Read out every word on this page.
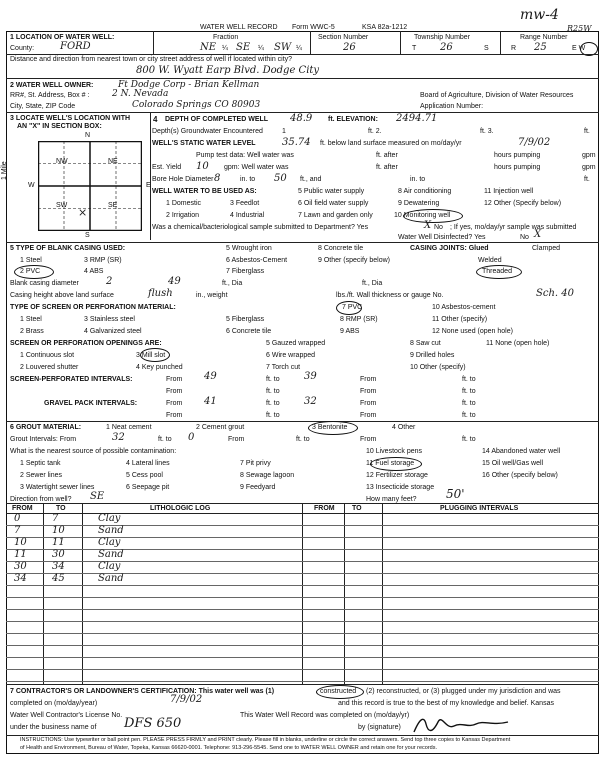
mw-4
R25W
WATER WELL RECORD Form WWC-5	KSA 82a-1212
1 LOCATION OF WATER WELL:
County:	FORD
Fraction
NE ¼ SE ¼ SW ¼
Section Number
26
Township Number
T 26	S
Range Number
R 25	E W
Distance and direction from nearest town or city street address of well if located within city?
800 W. Wyatt Earp Blvd. Dodge City
2 WATER WELL OWNER:	Ft Dodge Corp - Brian Kellman
RR#, St. Address, Box # :	2 N. Nevada	Board of Agriculture, Division of Water Resources
City, State, ZIP Code	Colorado Springs CO 80903	Application Number:
3 LOCATE WELL'S LOCATION WITH
AN "X" IN SECTION BOX:
N
S
W	E
NW	NE
SW	SE
×
1 Mile
4 DEPTH OF COMPLETED WELL 48.9 ft. ELEVATION: 2494.71
Depth(s) Groundwater Encountered	1	ft. 2.	ft. 3.	ft.
WELL'S STATIC WATER LEVEL	35.74 ft. below land surface measured on mo/day/yr	7/9/02
Pump test data: Well water was	ft. after	hours pumping	gpm
Est. Yield 10 gpm: Well water was	ft. after	hours pumping	gpm
Bore Hole Diameter 8	in. to 50 ft., and	in. to	ft.
WELL WATER TO BE USED AS:	5 Public water supply	8 Air conditioning	11 Injection well
1 Domestic	3 Feedlot	6 Oil field water supply	9 Dewatering	12 Other (Specify below)
2 Irrigation	4 Industrial	7 Lawn and garden only	10 Monitoring well
Was a chemical/bacteriological sample submitted to Department? Yes	X No ; If yes, mo/day/yr sample was submitted
Water Well Disinfected? Yes	No X
5 TYPE OF BLANK CASING USED:	5 Wrought iron	8 Concrete tile	CASING JOINTS: Glued	Clamped
1 Steel	3 RMP (SR)	6 Asbestos-Cement	9 Other (specify below)	Welded
2 PVC	4 ABS	7 Fiberglass	Threaded
Blank casing diameter	2	49	ft., Dia	ft., Dia
Casing height above land surface	flush	in., weight	lbs./ft. Wall thickness or gauge No.	Sch. 40
TYPE OF SCREEN OR PERFORATION MATERIAL:	7 PVC	10 Asbestos-cement
1 Steel	3 Stainless steel	5 Fiberglass	8 RMP (SR)	11 Other (specify)
2 Brass	4 Galvanized steel	6 Concrete tile	9 ABS	12 None used (open hole)
SCREEN OR PERFORATION OPENINGS ARE:	5 Gauzed wrapped	11 None (open hole)
1 Continuous slot	3 Mill slot	6 Wire wrapped
8 Saw cut
9 Drilled holes
2 Louvered shutter	4 Key punched	7 Torch cut	10 Other (specify)
SCREEN-PERFORATED INTERVALS:	From 49	ft. to 39	From	ft. to
From	ft. to	From	ft. to
GRAVEL PACK INTERVALS:	From 41	ft. to 32	From	ft. to
From	ft. to	From	ft. to
6 GROUT MATERIAL:	1 Neat cement	2 Cement grout	3 Bentonite	4 Other
Grout Intervals: From	32	ft. to 0	From	ft. to	From	ft. to
What is the nearest source of possible contamination:	10 Livestock pens	14 Abandoned water well
1 Septic tank	4 Lateral lines	7 Pit privy	11 Fuel storage	15 Oil well/Gas well
2 Sewer lines	5 Cess pool	8 Sewage lagoon	12 Fertilizer storage	16 Other (specify below)
3 Watertight sewer lines	6 Seepage pit	9 Feedyard	13 Insecticide storage
Direction from well? SE	How many feet? 50'
FROM	TO	LITHOLOGIC LOG	FROM TO	PLUGGING INTERVALS
0	7	Clay
7	10	Sand
10	11	Clay
11	30	Sand
30	34	Clay
34	45	Sand
7 CONTRACTOR'S OR LANDOWNER'S CERTIFICATION: This water well was (1)	constructed (2) reconstructed, or (3) plugged under my jurisdiction and was
completed on (mo/day/year)	7/9/02	and this record is true to the best of my knowledge and belief. Kansas
Water Well Contractor's License No.	This Water Well Record was completed on (mo/day/yr)
under the business name of DFS 650	by (signature)
INSTRUCTIONS: Use typewriter or ball point pen. PLEASE PRESS FIRMLY and PRINT clearly. Please fill in blanks, underline or circle the correct answers. Send top three copies to Kansas Department
of Health and Environment, Bureau of Water, Topeka, Kansas 66620-0001. Telephone: 913-296-5545. Send one to WATER WELL OWNER and retain one for your records.
